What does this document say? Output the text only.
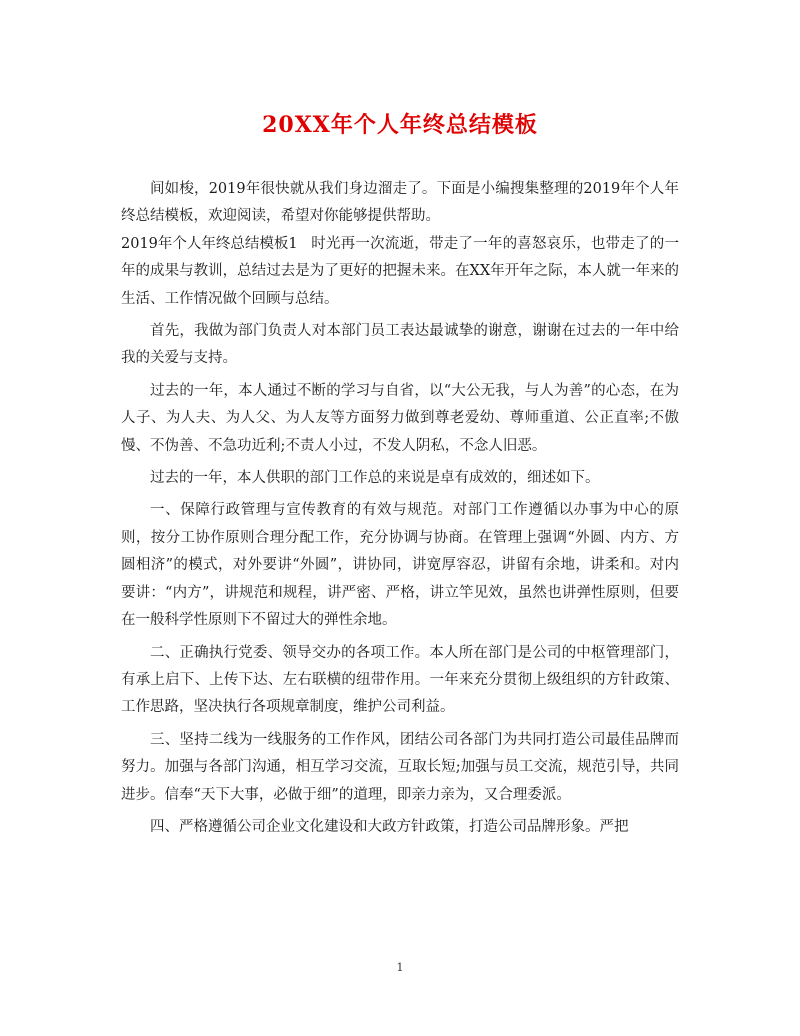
20XX年个人年终总结模板

间如梭，2019年很快就从我们身边溜走了。下面是小编搜集整理的2019年个人年终总结模板，欢迎阅读，希望对你能够提供帮助。

2019年个人年终总结模板1 时光再一次流逝，带走了一年的喜怒哀乐，也带走了的一年的成果与教训，总结过去是为了更好的把握未来。在XX年开年之际，本人就一年来的生活、工作情况做个回顾与总结。

首先，我做为部门负责人对本部门员工表达最诚挚的谢意，谢谢在过去的一年中给我的关爱与支持。

过去的一年，本人通过不断的学习与自省，以“大公无我，与人为善”的心态，在为人子、为人夫、为人父、为人友等方面努力做到尊老爱幼、尊师重道、公正直率;不傲慢、不伪善、不急功近利;不责人小过，不发人阴私，不念人旧恶。

过去的一年，本人供职的部门工作总的来说是卓有成效的，细述如下。

一、保障行政管理与宣传教育的有效与规范。对部门工作遵循以办事为中心的原则，按分工协作原则合理分配工作，充分协调与协商。在管理上强调“外圆、内方、方圆相济”的模式，对外要讲“外圆”，讲协同，讲宽厚容忍，讲留有余地，讲柔和。对内要讲：“内方”，讲规范和规程，讲严密、严格，讲立竿见效，虽然也讲弹性原则，但要在一般科学性原则下不留过大的弹性余地。

二、正确执行党委、领导交办的各项工作。本人所在部门是公司的中枢管理部门，有承上启下、上传下达、左右联横的纽带作用。一年来充分贯彻上级组织的方针政策、工作思路，坚决执行各项规章制度，维护公司利益。

三、坚持二线为一线服务的工作作风，团结公司各部门为共同打造公司最佳品牌而努力。加强与各部门沟通，相互学习交流，互取长短;加强与员工交流，规范引导，共同进步。信奉“天下大事，必做于细”的道理，即亲力亲为，又合理委派。

四、严格遵循公司企业文化建设和大政方针政策，打造公司品牌形象。严把

1
